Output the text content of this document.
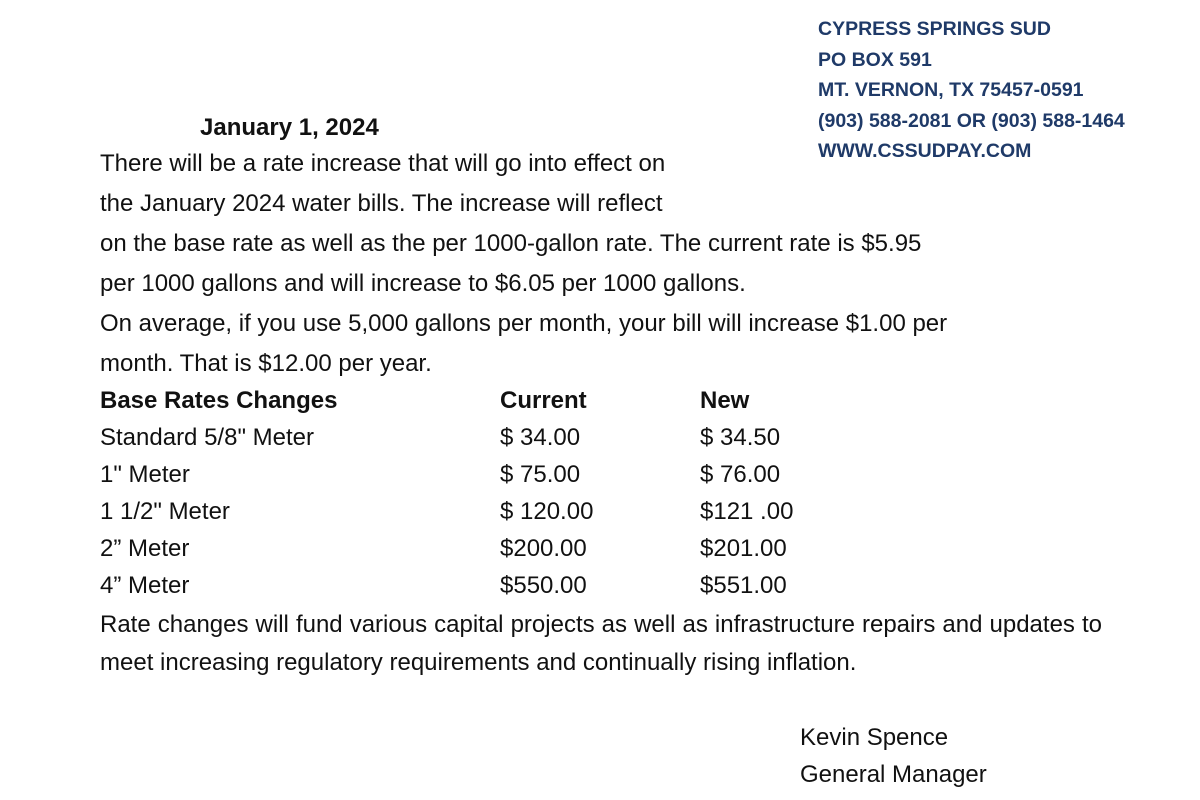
CYPRESS SPRINGS SUD
PO BOX 591
MT. VERNON, TX 75457-0591
(903) 588-2081 OR (903) 588-1464
WWW.CSSUDPAY.COM
January 1, 2024
There will be a rate increase that will go into effect on
the January 2024 water bills. The increase will reflect
on the base rate as well as the per 1000-gallon rate. The current rate is $5.95
per 1000 gallons and will increase to $6.05 per 1000 gallons.
On average, if you use 5,000 gallons per month, your bill will increase $1.00 per
month. That is $12.00 per year.
Base Rates Changes	Current	New
Standard 5/8" Meter	$ 34.00	$ 34.50
1" Meter	$ 75.00	$ 76.00
1 1/2" Meter	$ 120.00	$121 .00
2” Meter	$200.00	$201.00
4” Meter	$550.00	$551.00
Rate changes will fund various capital projects as well as infrastructure repairs and updates to meet increasing regulatory requirements and continually rising inflation.
Kevin Spence
General Manager
